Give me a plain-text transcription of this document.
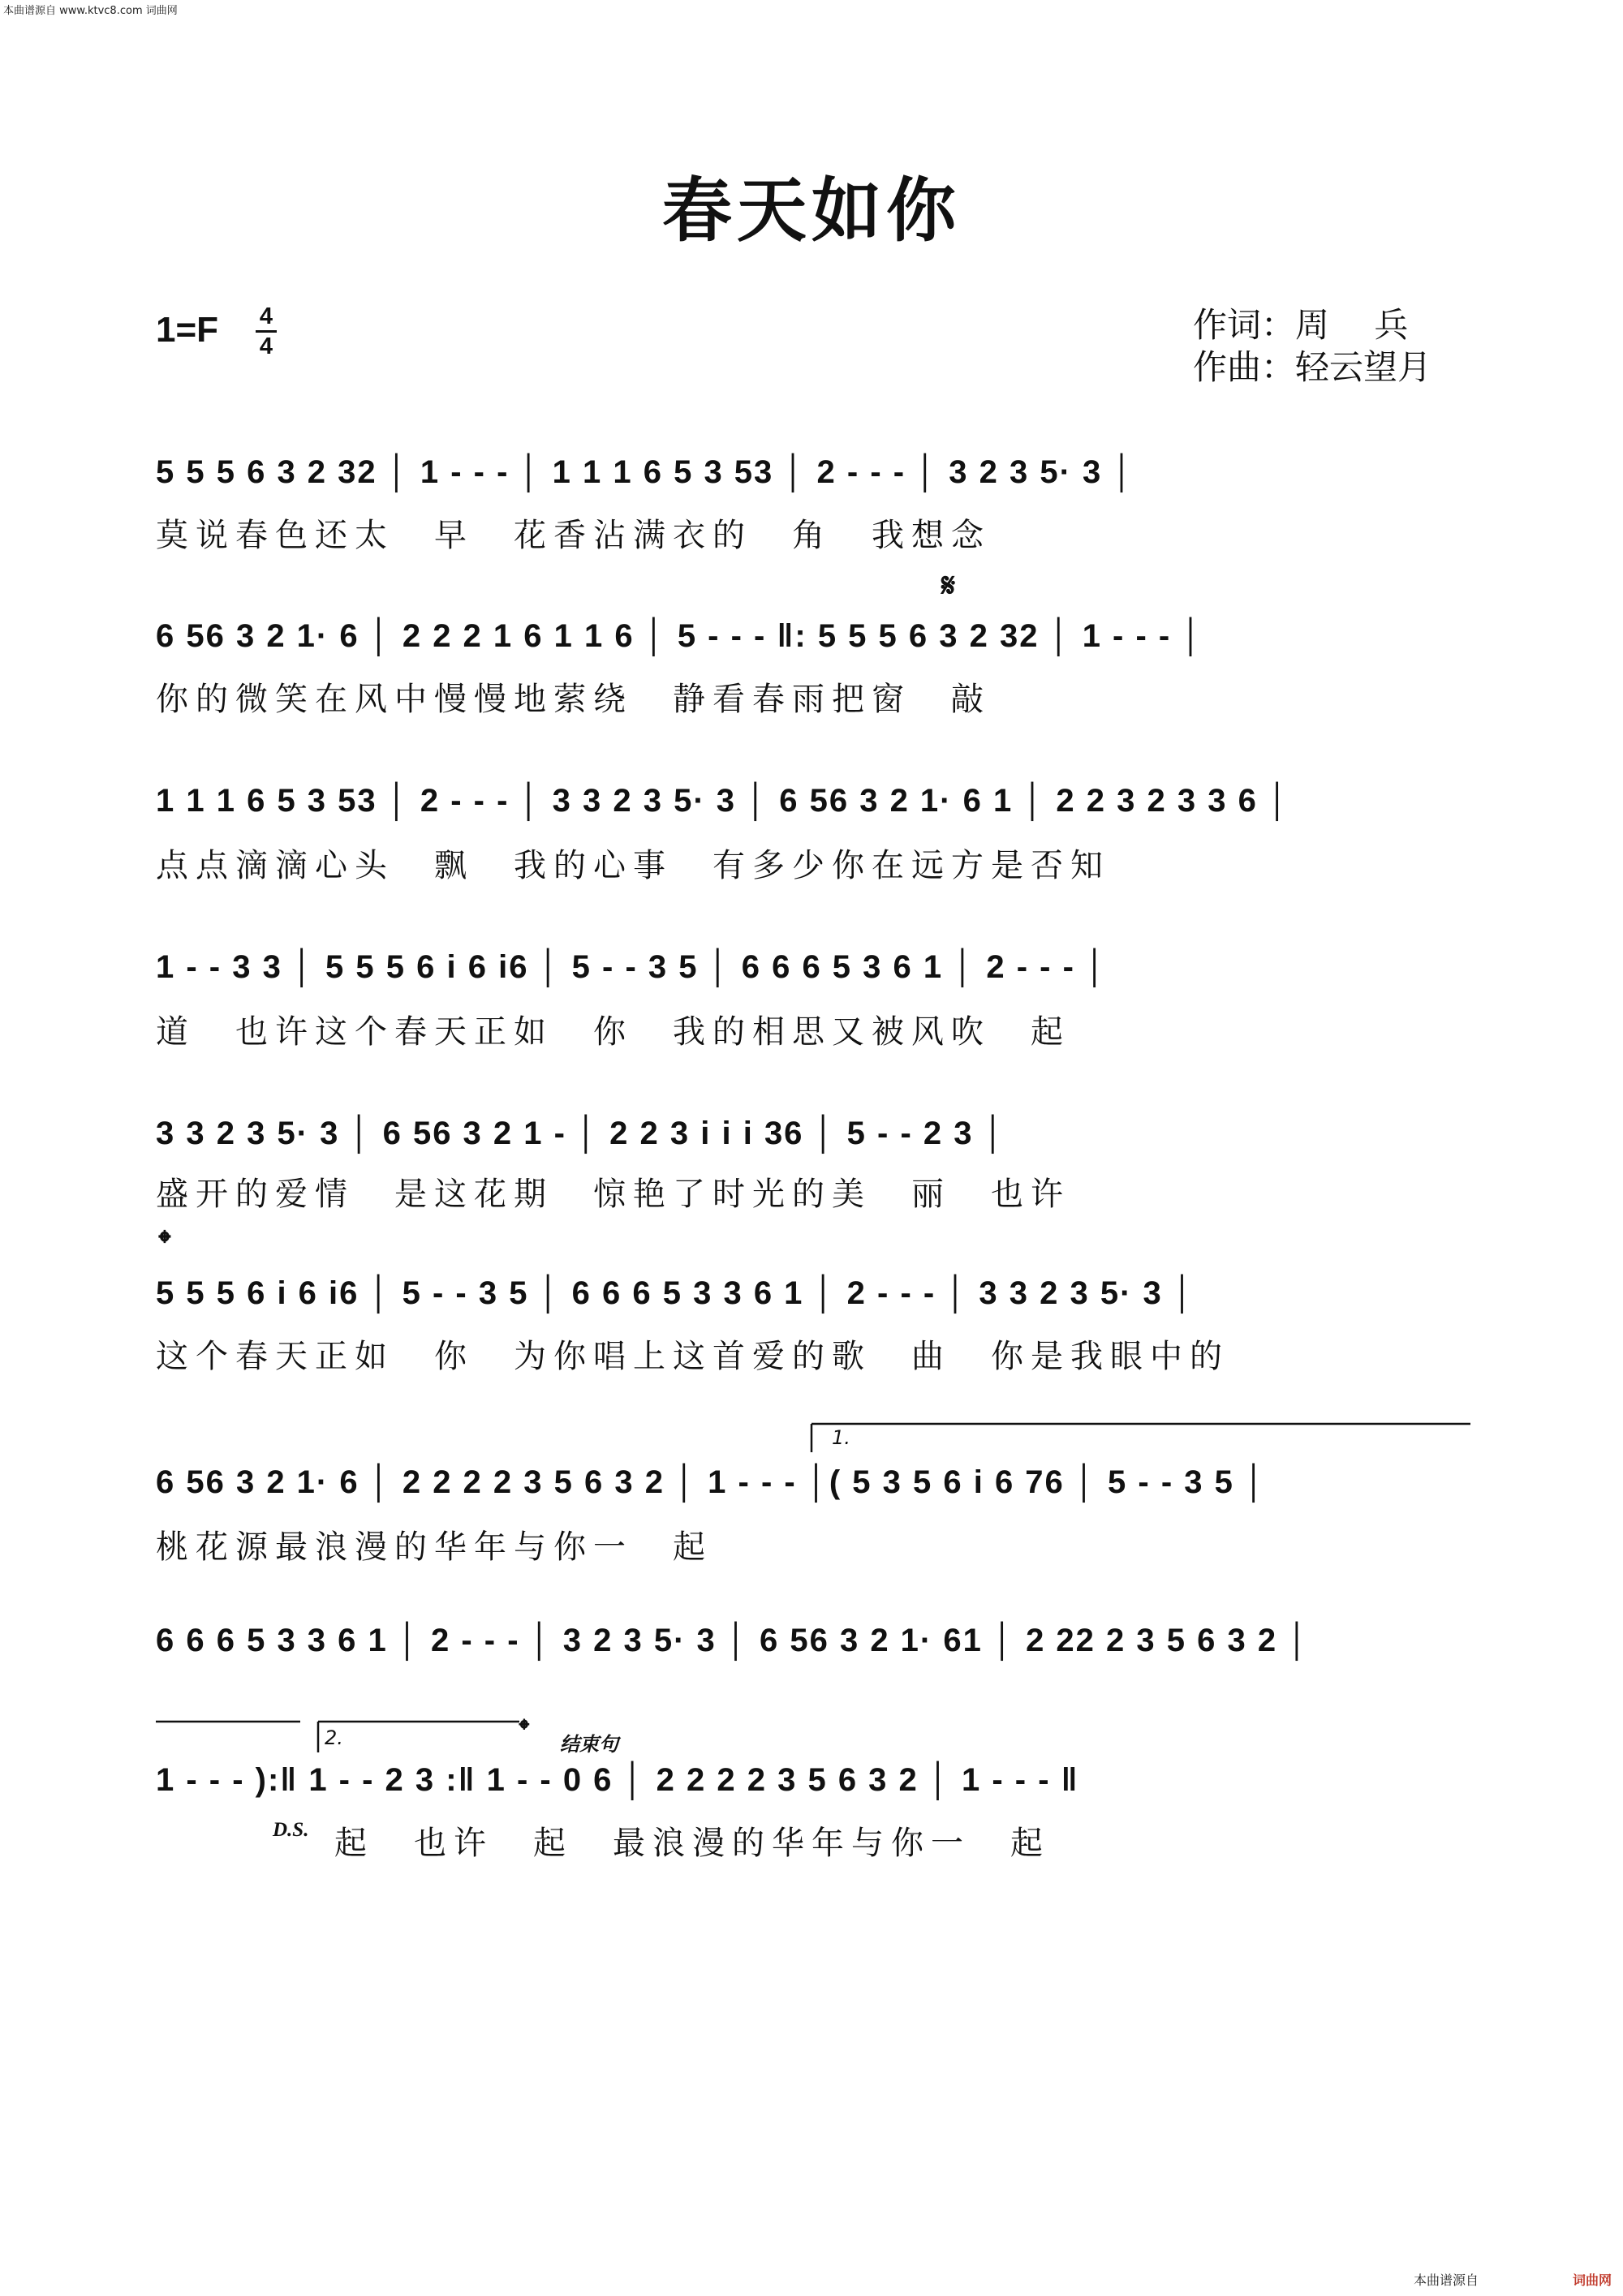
本曲谱源自 www.ktvc8.com 词曲网
春天如你
1=F 4
4
作词：周　 兵
作曲：轻云望月
5 5 5 6 3 2 32 │ 1 - - - │ 1 1 1 6 5 3 53 │ 2 - - - │ 3 2 3 5· 3 │
莫说春色还太　早　花香沾满衣的　角　我想念
𝄋
6 56 3 2 1· 6 │ 2 2 2 1 6 1 1 6 │ 5 - - - ‖: 5 5 5 6 3 2 32 │ 1 - - - │
你的微笑在风中慢慢地萦绕　静看春雨把窗　敲
1 1 1 6 5 3 53 │ 2 - - - │ 3 3 2 3 5· 3 │ 6 56 3 2 1· 6 1 │ 2 2 3 2 3 3 6 │
点点滴滴心头　飘　我的心事　有多少你在远方是否知
1 - - 3 3 │ 5 5 5 6 i 6 i6 │ 5 - - 3 5 │ 6 6 6 5 3 6 1 │ 2 - - - │
道　也许这个春天正如　你　我的相思又被风吹　起
3 3 2 3 5· 3 │ 6 56 3 2 1 - │ 2 2 3 i i i 36 │ 5 - - 2 3 │
盛开的爱情　是这花期　惊艳了时光的美　丽　也许
𝄌
5 5 5 6 i 6 i6 │ 5 - - 3 5 │ 6 6 6 5 3 3 6 1 │ 2 - - - │ 3 3 2 3 5· 3 │
这个春天正如　你　为你唱上这首爱的歌　曲　你是我眼中的
1.
6 56 3 2 1· 6 │ 2 2 2 2 3 5 6 3 2 │ 1 - - - │( 5 3 5 6 i 6 76 │ 5 - - 3 5 │
桃花源最浪漫的华年与你一　起
6 6 6 5 3 3 6 1 │ 2 - - - │ 3 2 3 5· 3 │ 6 56 3 2 1· 61 │ 2 22 2 3 5 6 3 2 │
2.	𝄌 结束句
1 - - - ):‖ 1 - - 2 3 :‖ 1 - - 0 6 │ 2 2 2 2 3 5 6 3 2 │ 1 - - - ‖
D.S. 起　也许　起　最浪漫的华年与你一　起
本曲谱源自	词曲网
